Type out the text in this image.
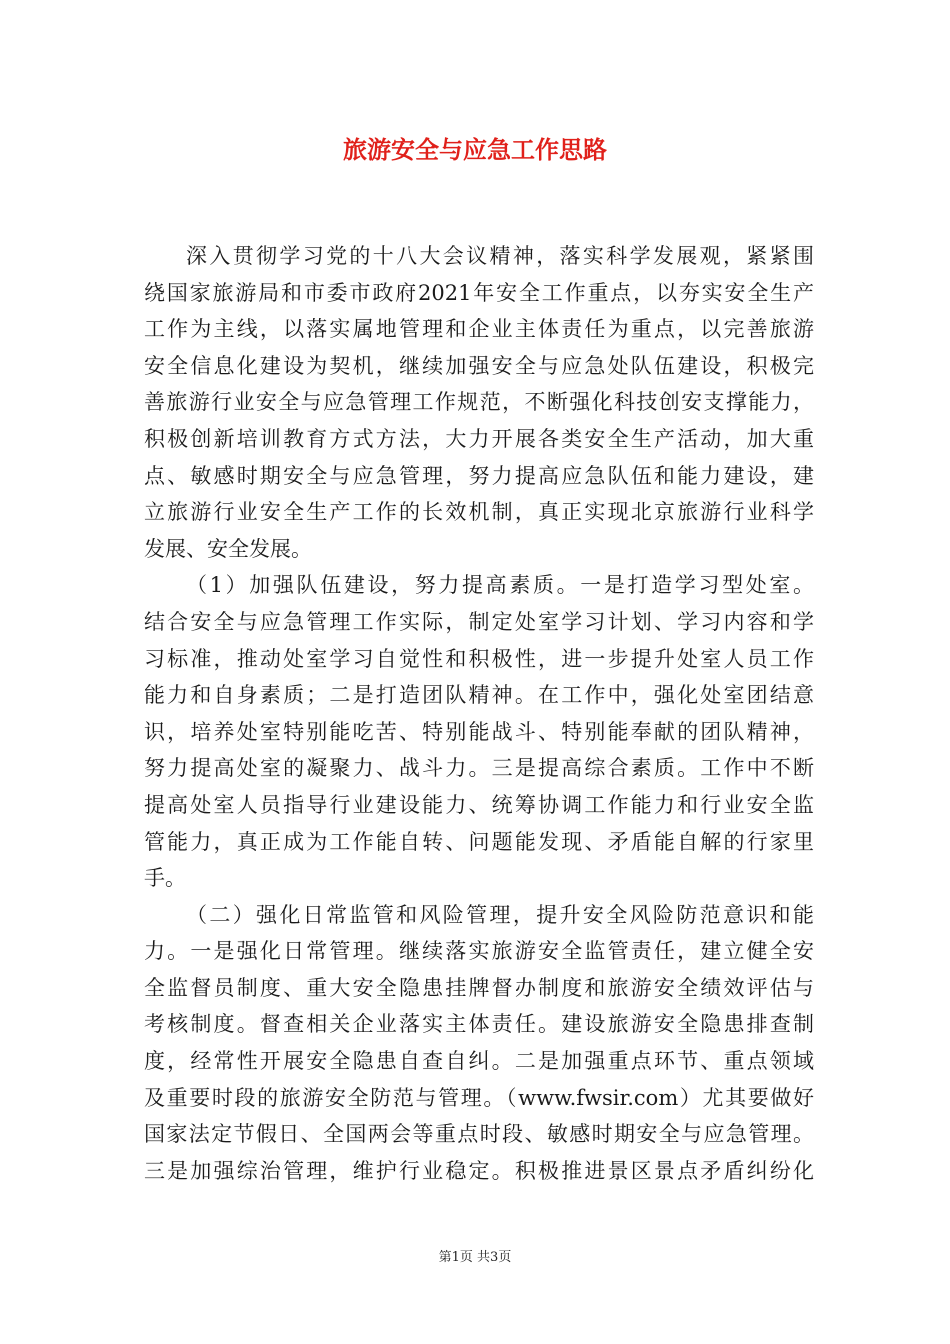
旅游安全与应急工作思路
深入贯彻学习党的十八大会议精神，落实科学发展观，紧紧围
绕国家旅游局和市委市政府2021年安全工作重点，以夯实安全生产
工作为主线，以落实属地管理和企业主体责任为重点，以完善旅游
安全信息化建设为契机，继续加强安全与应急处队伍建设，积极完
善旅游行业安全与应急管理工作规范，不断强化科技创安支撑能力，
积极创新培训教育方式方法，大力开展各类安全生产活动，加大重
点、敏感时期安全与应急管理，努力提高应急队伍和能力建设，建
立旅游行业安全生产工作的长效机制，真正实现北京旅游行业科学
发展、安全发展。
（1）加强队伍建设，努力提高素质。一是打造学习型处室。
结合安全与应急管理工作实际，制定处室学习计划、学习内容和学
习标准，推动处室学习自觉性和积极性，进一步提升处室人员工作
能力和自身素质；二是打造团队精神。在工作中，强化处室团结意
识，培养处室特别能吃苦、特别能战斗、特别能奉献的团队精神，
努力提高处室的凝聚力、战斗力。三是提高综合素质。工作中不断
提高处室人员指导行业建设能力、统筹协调工作能力和行业安全监
管能力，真正成为工作能自转、问题能发现、矛盾能自解的行家里
手。
（二）强化日常监管和风险管理，提升安全风险防范意识和能
力。一是强化日常管理。继续落实旅游安全监管责任，建立健全安
全监督员制度、重大安全隐患挂牌督办制度和旅游安全绩效评估与
考核制度。督查相关企业落实主体责任。建设旅游安全隐患排查制
度，经常性开展安全隐患自查自纠。二是加强重点环节、重点领域
及重要时段的旅游安全防范与管理。（www.fwsir.com）尤其要做好
国家法定节假日、全国两会等重点时段、敏感时期安全与应急管理。
三是加强综治管理，维护行业稳定。积极推进景区景点矛盾纠纷化
第1页 共3页
